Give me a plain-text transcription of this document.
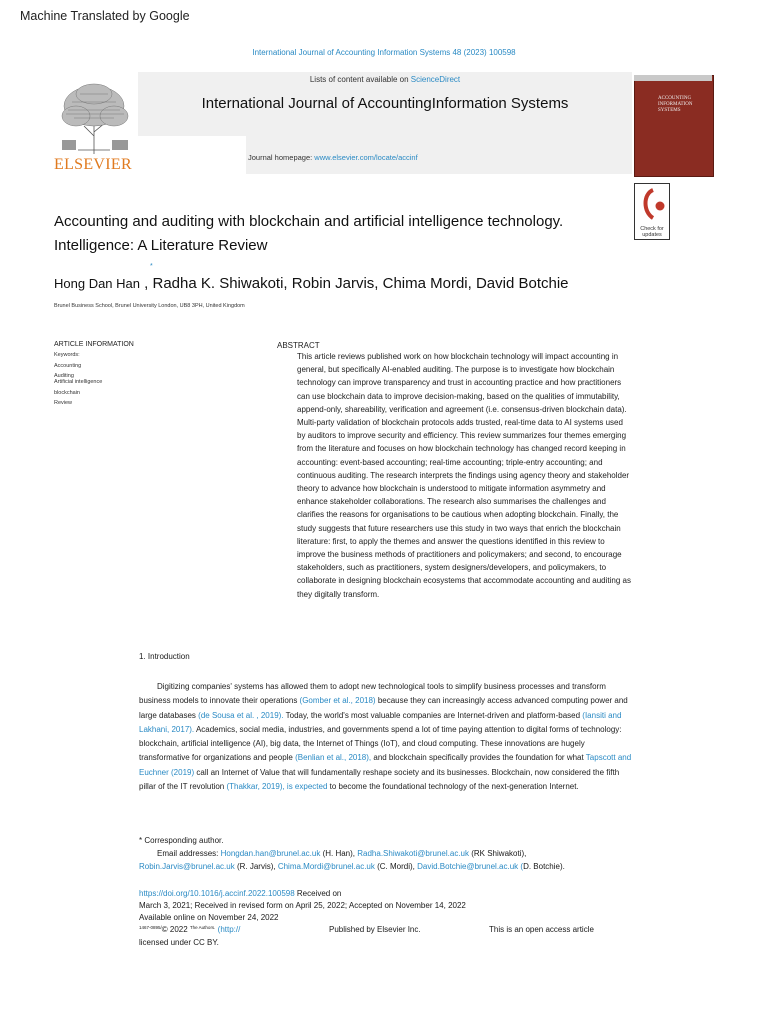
Machine Translated by Google
International Journal of Accounting Information Systems 48 (2023) 100598
ELSEVIER
Lists of content available on ScienceDirect
International Journal of AccountingInformation Systems
Journal homepage: www.elsevier.com/locate/accinf
ACCOUNTING INFORMATION SYSTEMS
Check for updates
Accounting and auditing with blockchain and artificial intelligence technology.
Intelligence: A Literature Review
*
Hong Dan Han , Radha K. Shiwakoti, Robin Jarvis, Chima Mordi, David Botchie
Brunel Business School, Brunel University London, UB8 3PH, United Kingdom
ARTICLE INFORMATION
Keywords:
Accounting
Auditing
Artificial intelligence
blockchain
Review
ABSTRACT
This article reviews published work on how blockchain technology will impact accounting in general, but specifically AI-enabled auditing. The purpose is to investigate how blockchain technology can improve transparency and trust in accounting practice and how practitioners can use blockchain data to improve decision-making, based on the qualities of immutability, append-only, shareability, verification and agreement (i.e. consensus-driven blockchain data). Multi-party validation of blockchain protocols adds trusted, real-time data to AI systems used by auditors to improve security and efficiency. This review summarizes four themes emerging from the literature and focuses on how blockchain technology has changed record keeping in accounting: event-based accounting; real-time accounting; triple-entry accounting; and continuous auditing. The research interprets the findings using agency theory and stakeholder theory to advance how blockchain is understood to mitigate information asymmetry and enhance stakeholder collaborations. The research also summarises the challenges and clarifies the reasons for organisations to be cautious when adopting blockchain. Finally, the study suggests that future researchers use this study in two ways that enrich the blockchain literature: first, to apply the themes and answer the questions identified in this review to improve the business methods of practitioners and policymakers; and second, to encourage stakeholders, such as practitioners, system designers/developers, and policymakers, to collaborate in designing blockchain ecosystems that accommodate accounting and auditing as they digitally transform.
1. Introduction
Digitizing companies' systems has allowed them to adopt new technological tools to simplify business processes and transform business models to innovate their operations (Gomber et al., 2018) because they can increasingly access advanced computing power and large databases (de Sousa et al. , 2019). Today, the world's most valuable companies are Internet-driven and platform-based (Iansiti and Lakhani, 2017). Academics, social media, industries, and governments spend a lot of time paying attention to digital forms of technology: blockchain, artificial intelligence (AI), big data, the Internet of Things (IoT), and cloud computing. These innovations are hugely transformative for organizations and people (Benlian et al., 2018), and blockchain specifically provides the foundation for what Tapscott and Euchner (2019) call an Internet of Value that will fundamentally reshape society and its businesses. Blockchain, now considered the fifth pillar of the IT revolution (Thakkar, 2019), is expected to become the foundational technology of the next-generation Internet.
* Corresponding author.
Email addresses: Hongdan.han@brunel.ac.uk (H. Han), Radha.Shiwakoti@brunel.ac.uk (RK Shiwakoti),
Robin.Jarvis@brunel.ac.uk (R. Jarvis), Chima.Mordi@brunel.ac.uk (C. Mordi), David.Botchie@brunel.ac.uk (D. Botchie).
https://doi.org/10.1016/j.accinf.2022.100598 Received on
March 3, 2021; Received in revised form on April 25, 2022; Accepted on November 14, 2022
Available online on November 24, 2022
$^{1467-0895/}$© 2022 $^{The Authors.}$ (http://	Published by Elsevier Inc.	This is an open access article
licensed under CC BY.
